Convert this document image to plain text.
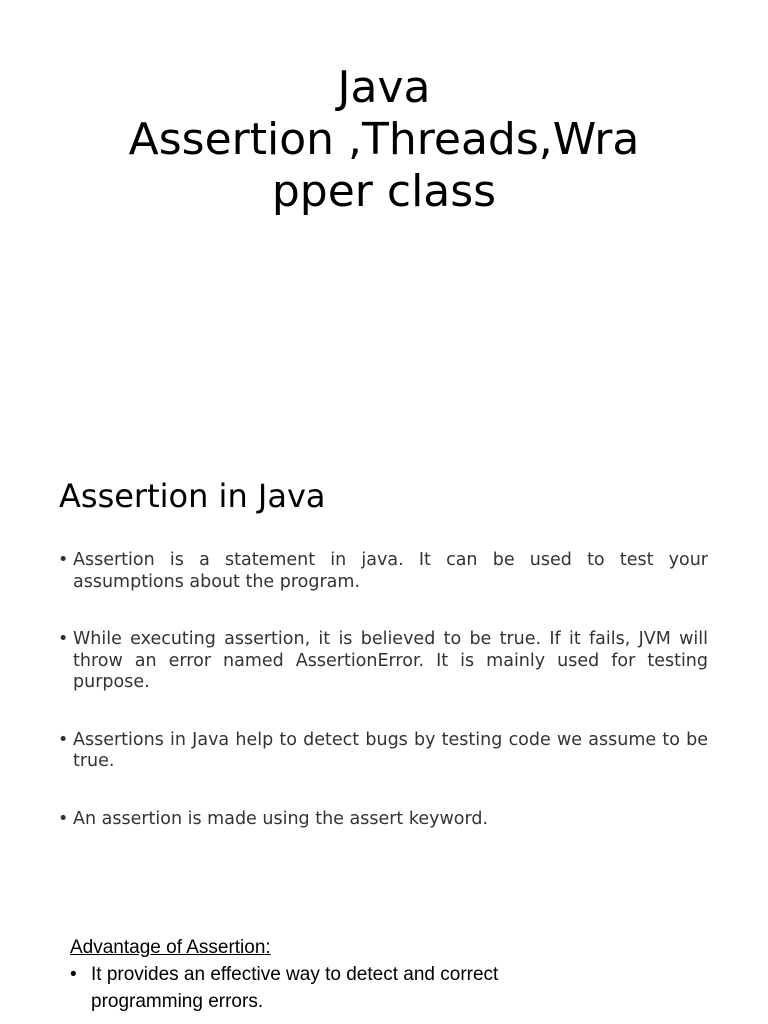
Java
Assertion ,Threads,Wra
pper class
Assertion in Java
• Assertion is a statement in java. It can be used to test your assumptions about the program.
• While executing assertion, it is believed to be true. If it fails, JVM will throw an error named AssertionError. It is mainly used for testing purpose.
• Assertions in Java help to detect bugs by testing code we assume to be true.
• An assertion is made using the assert keyword.

Advantage of Assertion:

• It provides an effective way to detect and correct programming errors.
